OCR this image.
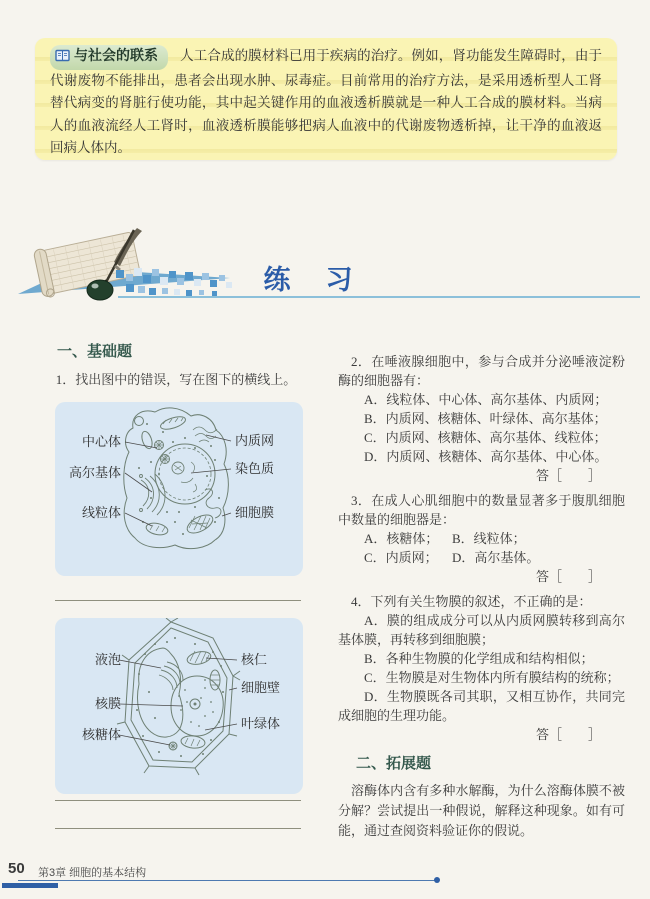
与社会的联系 人工合成的膜材料已用于疾病的治疗。例如，肾功能发生障碍时，由于代谢废物不能排出，患者会出现水肿、尿毒症。目前常用的治疗方法，是采用透析型人工肾替代病变的肾脏行使功能，其中起关键作用的血液透析膜就是一种人工合成的膜材料。当病人的血液流经人工肾时，血液透析膜能够把病人血液中的代谢废物透析掉，让干净的血液返回病人体内。

练　习
一、基础题

1．找出图中的错误，写在图下的横线上。

中心体
高尔基体
线粒体
内质网
染色质
细胞膜
液泡
核膜
核糖体
核仁
细胞壁
叶绿体

2．在唾液腺细胞中，参与合成并分泌唾液淀粉酶的细胞器有：

A．线粒体、中心体、高尔基体、内质网；

B．内质网、核糖体、叶绿体、高尔基体；

C．内质网、核糖体、高尔基体、线粒体；

D．内质网、核糖体、高尔基体、中心体。

答［　　］

3．在成人心肌细胞中的数量显著多于腹肌细胞中数量的细胞器是：

A．核糖体；	B．线粒体；
C．内质网；	D．高尔基体。

答［　　］

4．下列有关生物膜的叙述，不正确的是：

A．膜的组成成分可以从内质网膜转移到高尔基体膜，再转移到细胞膜；

B．各种生物膜的化学组成和结构相似；

C．生物膜是对生物体内所有膜结构的统称；

D．生物膜既各司其职，又相互协作，共同完成细胞的生理功能。

答［　　］

二、拓展题

溶酶体内含有多种水解酶，为什么溶酶体膜不被分解？尝试提出一种假说，解释这种现象。如有可能，通过查阅资料验证你的假说。

50 第3章 细胞的基本结构
